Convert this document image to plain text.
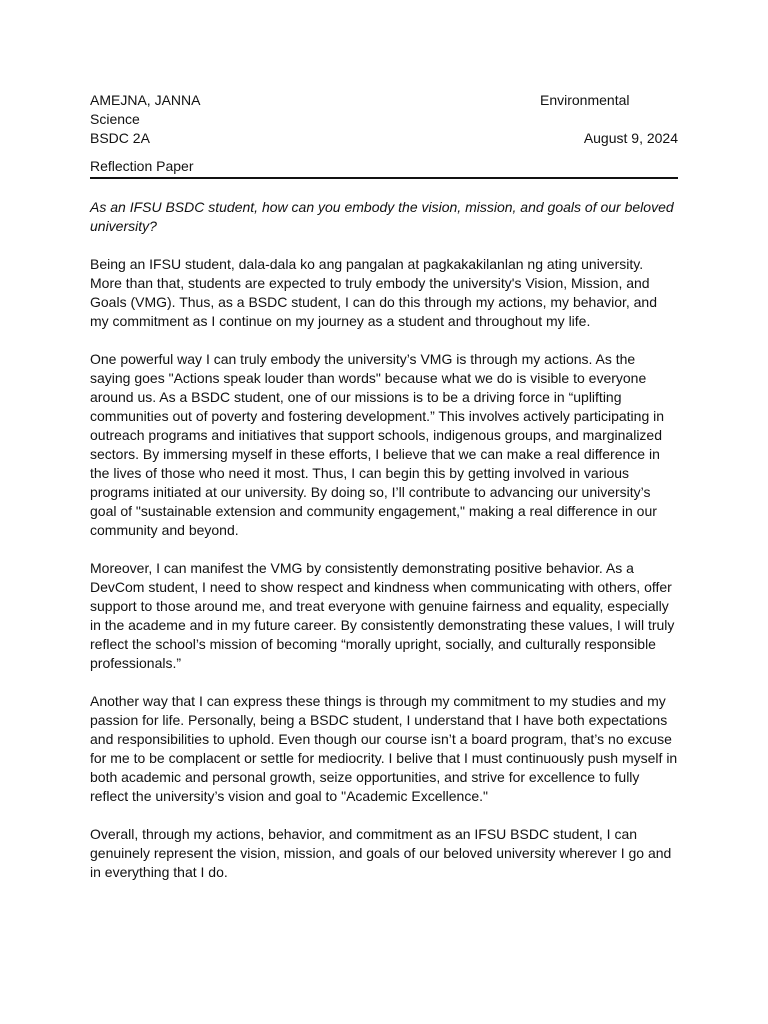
AMEJNA, JANNA	Environmental
Science
BSDC 2A	August 9, 2024
Reflection Paper

As an IFSU BSDC student, how can you embody the vision, mission, and goals of our beloved university?

Being an IFSU student, dala-dala ko ang pangalan at pagkakakilanlan ng ating university. More than that, students are expected to truly embody the university's Vision, Mission, and Goals (VMG). Thus, as a BSDC student, I can do this through my actions, my behavior, and my commitment as I continue on my journey as a student and throughout my life.

One powerful way I can truly embody the university’s VMG is through my actions. As the saying goes "Actions speak louder than words" because what we do is visible to everyone around us. As a BSDC student, one of our missions is to be a driving force in “uplifting communities out of poverty and fostering development.” This involves actively participating in outreach programs and initiatives that support schools, indigenous groups, and marginalized sectors. By immersing myself in these efforts, I believe that we can make a real difference in the lives of those who need it most. Thus, I can begin this by getting involved in various programs initiated at our university. By doing so, I’ll contribute to advancing our university’s goal of "sustainable extension and community engagement," making a real difference in our community and beyond.

Moreover, I can manifest the VMG by consistently demonstrating positive behavior. As a DevCom student, I need to show respect and kindness when communicating with others, offer support to those around me, and treat everyone with genuine fairness and equality, especially in the academe and in my future career. By consistently demonstrating these values, I will truly reflect the school’s mission of becoming “morally upright, socially, and culturally responsible professionals.”

Another way that I can express these things is through my commitment to my studies and my passion for life. Personally, being a BSDC student, I understand that I have both expectations and responsibilities to uphold. Even though our course isn’t a board program, that’s no excuse for me to be complacent or settle for mediocrity. I belive that I must continuously push myself in both academic and personal growth, seize opportunities, and strive for excellence to fully reflect the university’s vision and goal to "Academic Excellence."

Overall, through my actions, behavior, and commitment as an IFSU BSDC student, I can genuinely represent the vision, mission, and goals of our beloved university wherever I go and in everything that I do.
